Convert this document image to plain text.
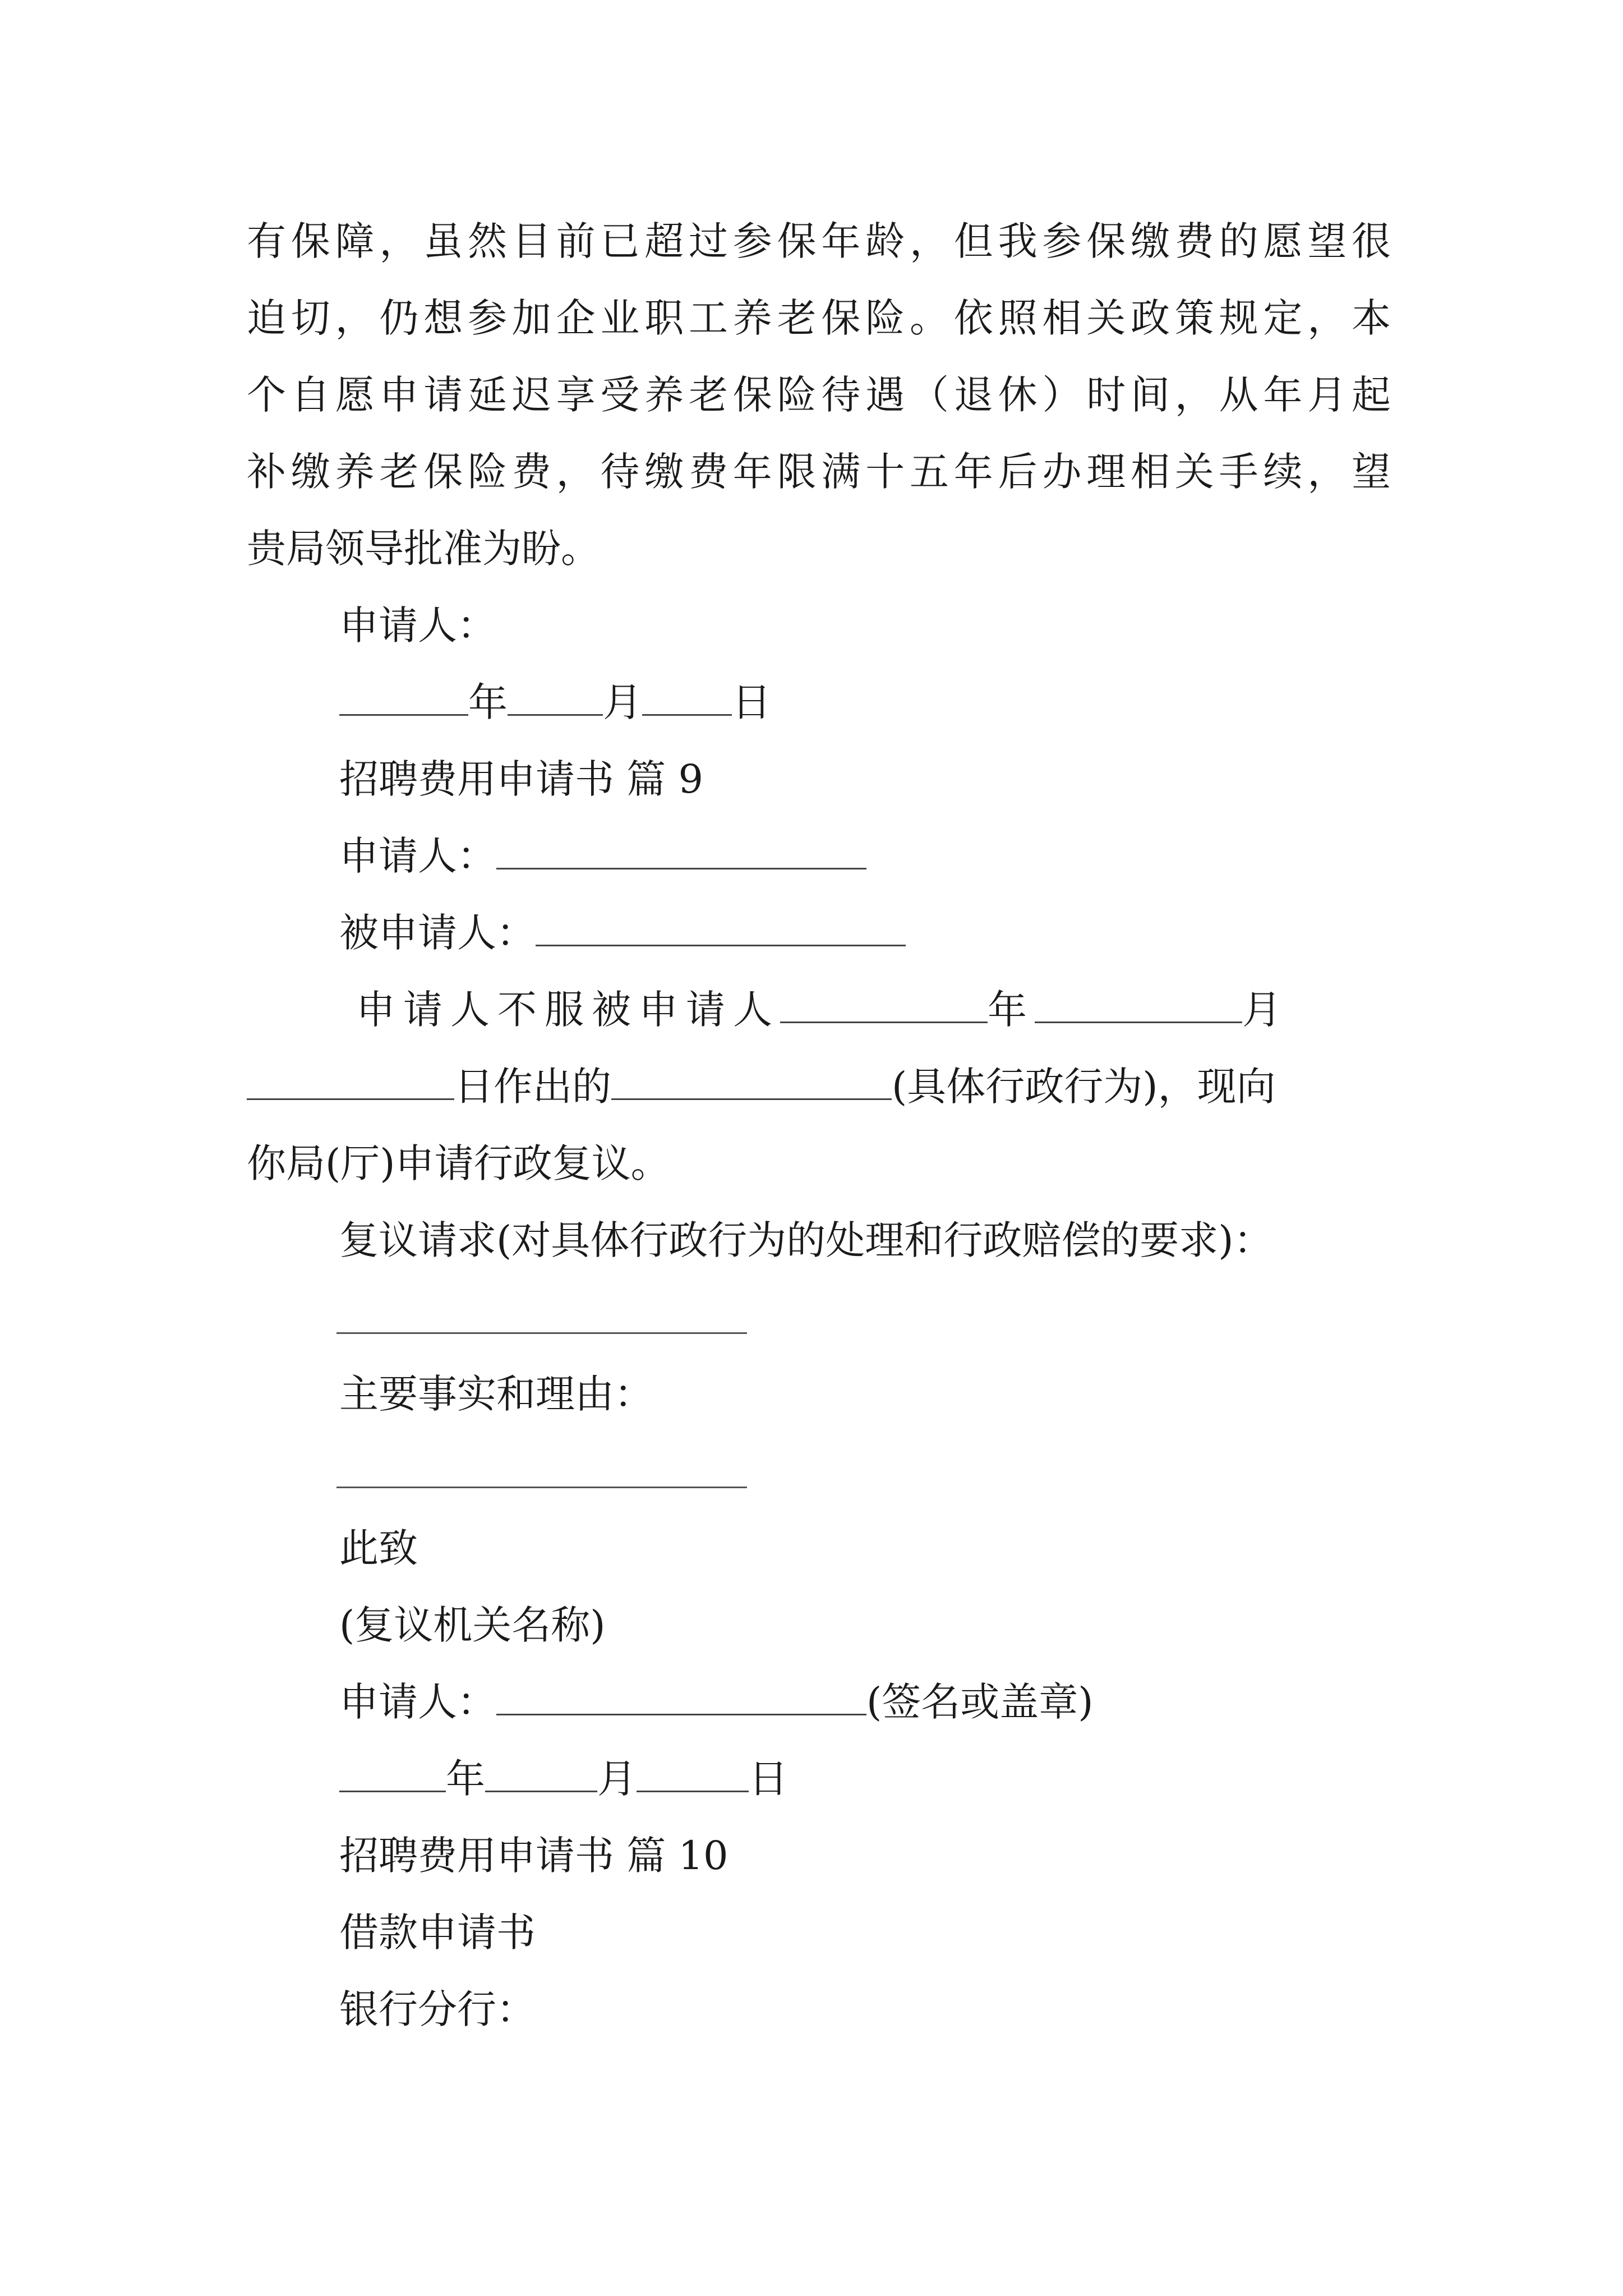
有保障，虽然目前已超过参保年龄，但我参保缴费的愿望很
迫切，仍想参加企业职工养老保险。依照相关政策规定，本
个自愿申请延迟享受养老保险待遇（退休）时间，从年月起
补缴养老保险费，待缴费年限满十五年后办理相关手续，望
贵局领导批准为盼。
申请人：
年 月 日
招聘费用申请书 篇 9
申请人：
被申请人：
申请人不服被申请人	年	月
日作出的	(具体行政行为)，现向
你局(厅)申请行政复议。
复议请求(对具体行政行为的处理和行政赔偿的要求)：
主要事实和理由：
此致
(复议机关名称)
申请人：	(签名或盖章)
年	月	日
招聘费用申请书 篇 10
借款申请书
银行分行：
